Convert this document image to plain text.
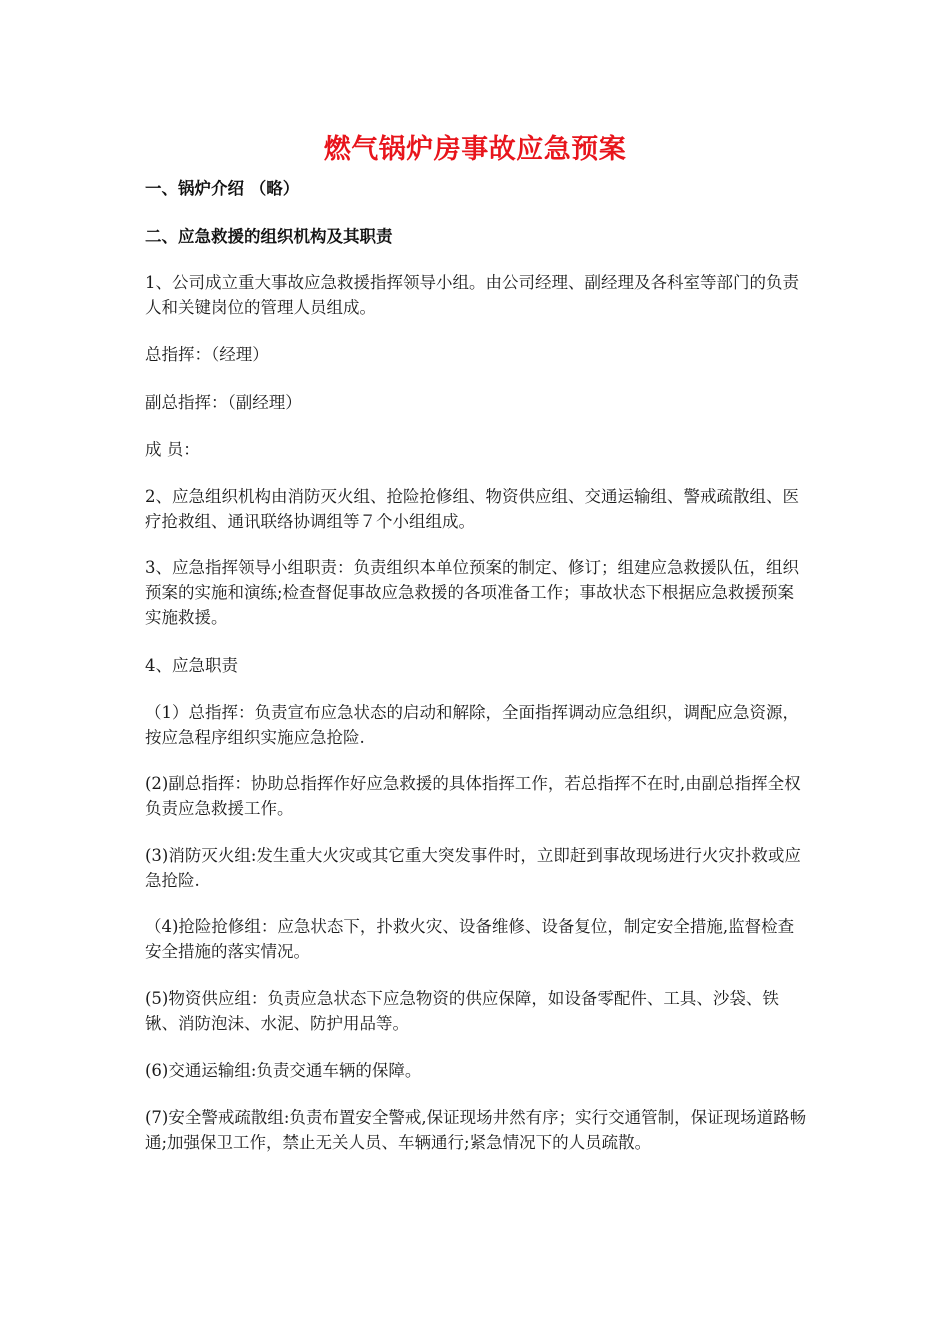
燃气锅炉房事故应急预案
一、锅炉介绍 （略）
二、应急救援的组织机构及其职责
1、公司成立重大事故应急救援指挥领导小组。由公司经理、副经理及各科室等部门的负责人和关键岗位的管理人员组成。
总指挥：（经理）
副总指挥：（副经理）
成 员：
2、应急组织机构由消防灭火组、抢险抢修组、物资供应组、交通运输组、警戒疏散组、医疗抢救组、通讯联络协调组等７个小组组成。
3、应急指挥领导小组职责：负责组织本单位预案的制定、修订；组建应急救援队伍，组织预案的实施和演练;检查督促事故应急救援的各项准备工作；事故状态下根据应急救援预案实施救援。
4、应急职责
（1）总指挥：负责宣布应急状态的启动和解除，全面指挥调动应急组织，调配应急资源，按应急程序组织实施应急抢险.
(2)副总指挥：协助总指挥作好应急救援的具体指挥工作，若总指挥不在时,由副总指挥全权负责应急救援工作。
(3)消防灭火组:发生重大火灾或其它重大突发事件时，立即赶到事故现场进行火灾扑救或应急抢险.
（4)抢险抢修组：应急状态下，扑救火灾、设备维修、设备复位，制定安全措施,监督检查安全措施的落实情况。
(5)物资供应组：负责应急状态下应急物资的供应保障，如设备零配件、工具、沙袋、铁锹、消防泡沫、水泥、防护用品等。
(6)交通运输组:负责交通车辆的保障。
(7)安全警戒疏散组:负责布置安全警戒,保证现场井然有序；实行交通管制，保证现场道路畅通;加强保卫工作，禁止无关人员、车辆通行;紧急情况下的人员疏散。
